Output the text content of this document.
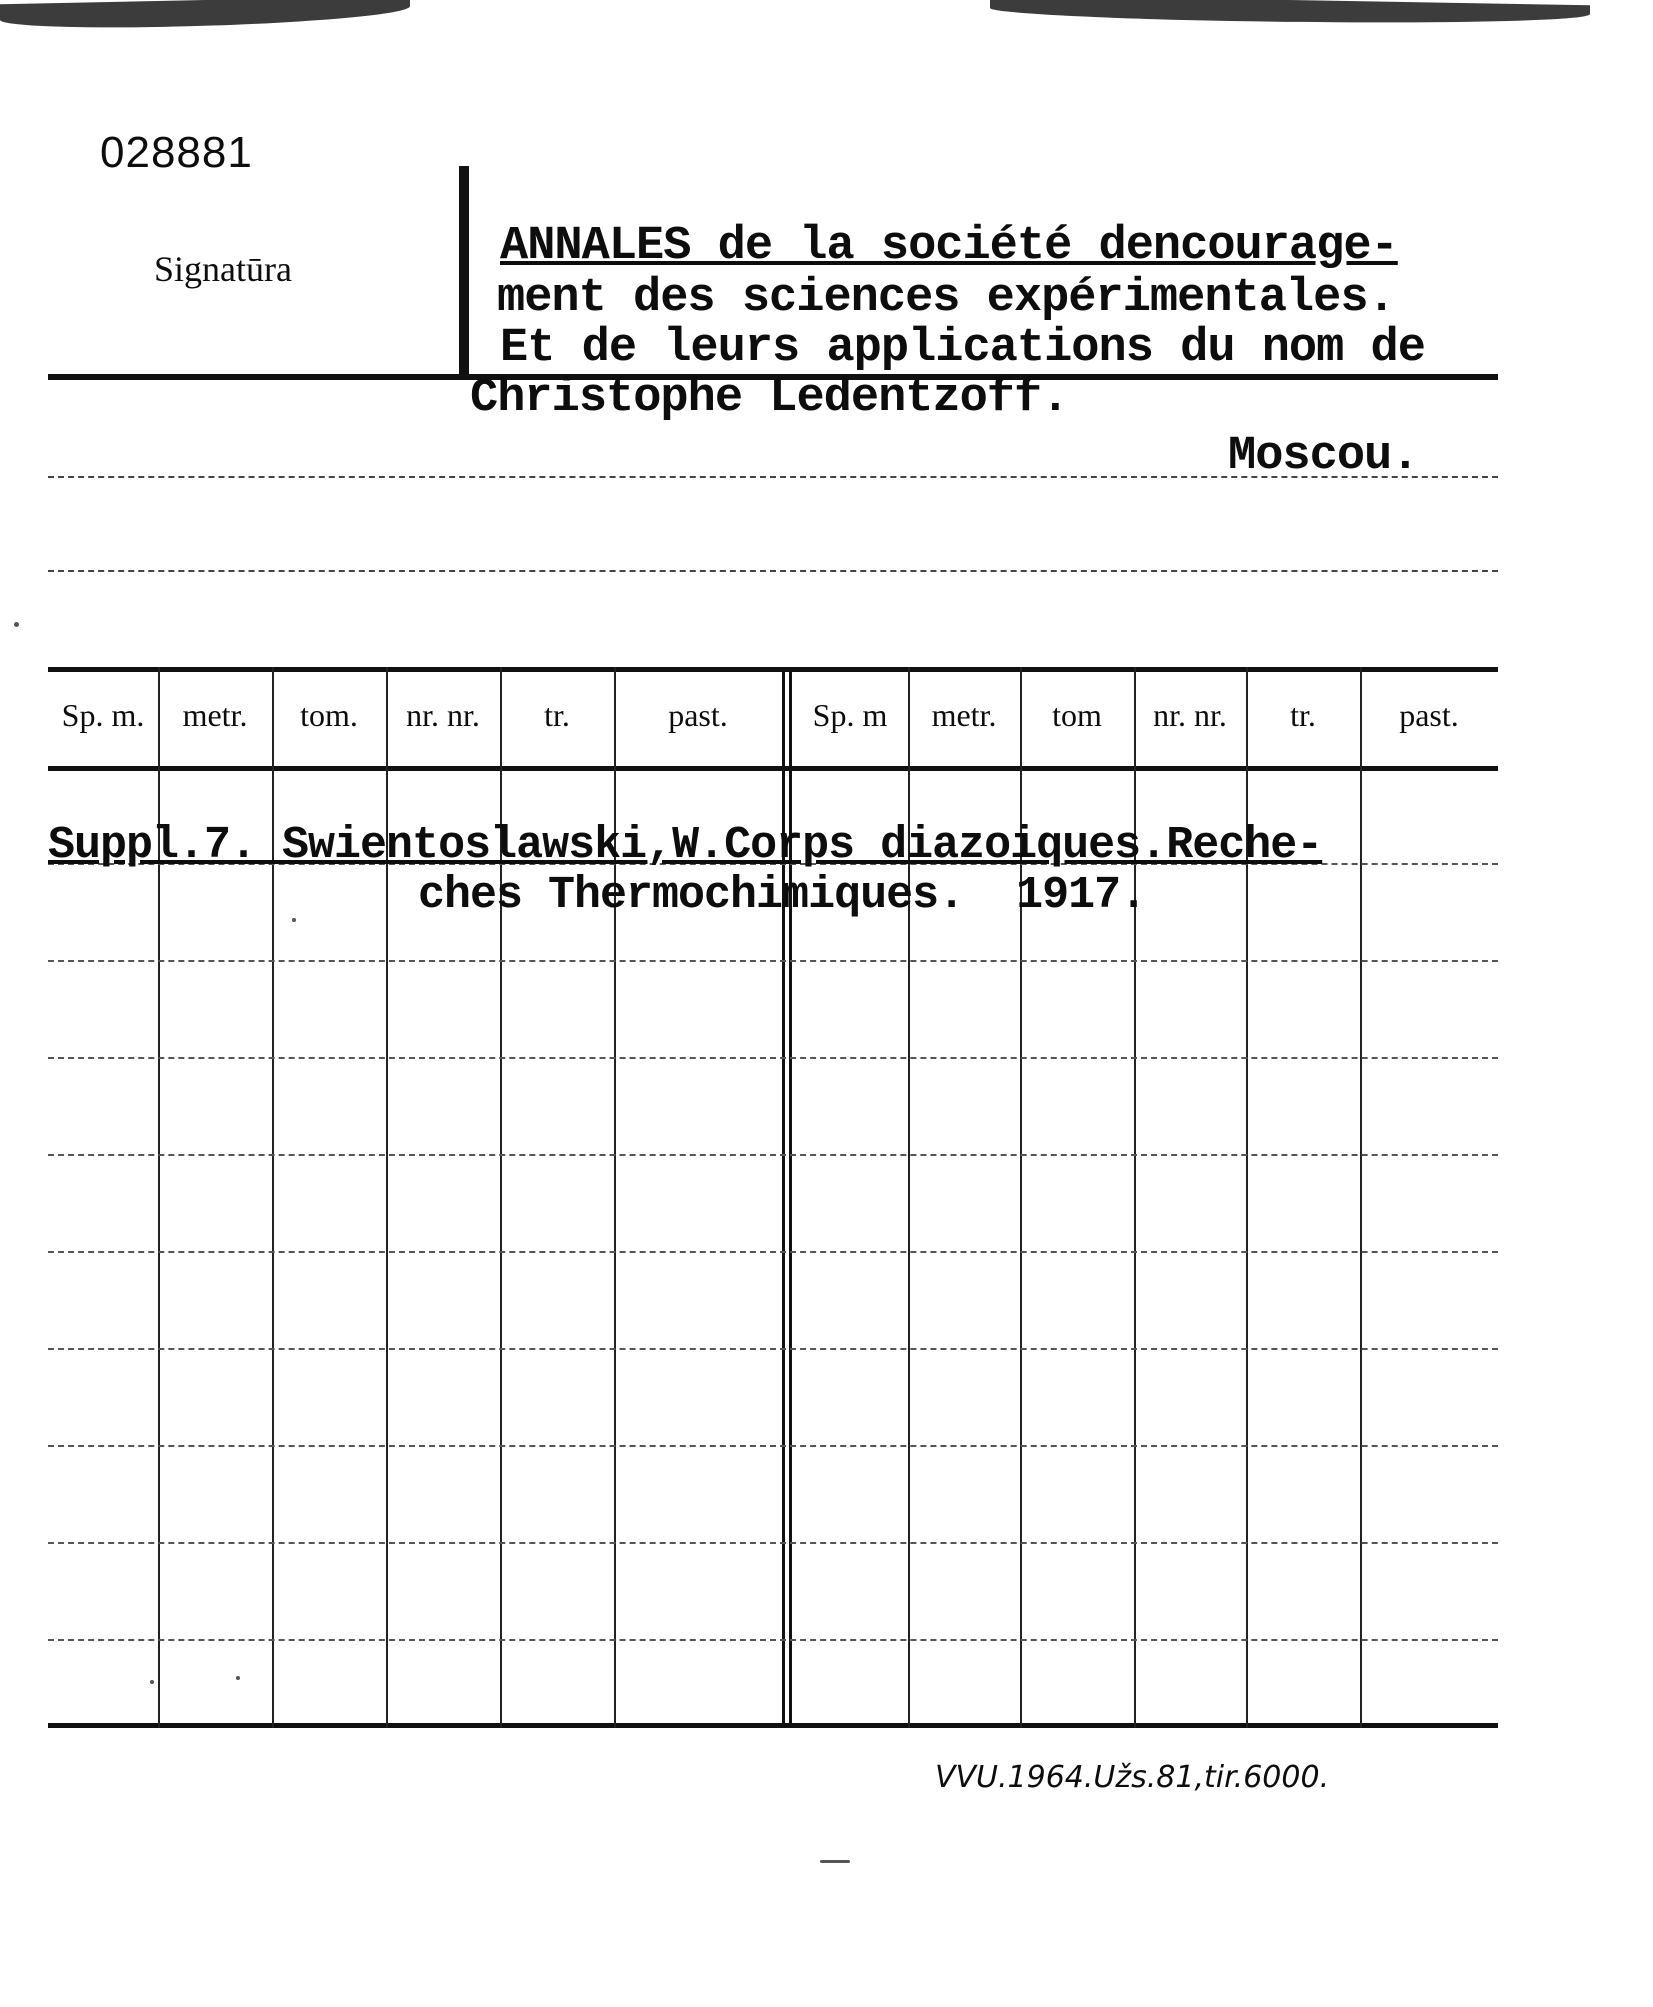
028881
Signatūra	ANNALES de la société dencourage-
ment des sciences expérimentales.
Et de leurs applications du nom de
Christophe Ledentzoff.
Moscou.
Sp. m.	metr.	tom.	nr. nr.	tr.	past.	Sp. m	metr.	tom	nr. nr.	tr.	past.
Suppl.7. Swientoslawski,W.Corps diazoiques.Reche-
ches Thermochimiques.  1917.
VVU.1964.Užs.81,tir.6000.
